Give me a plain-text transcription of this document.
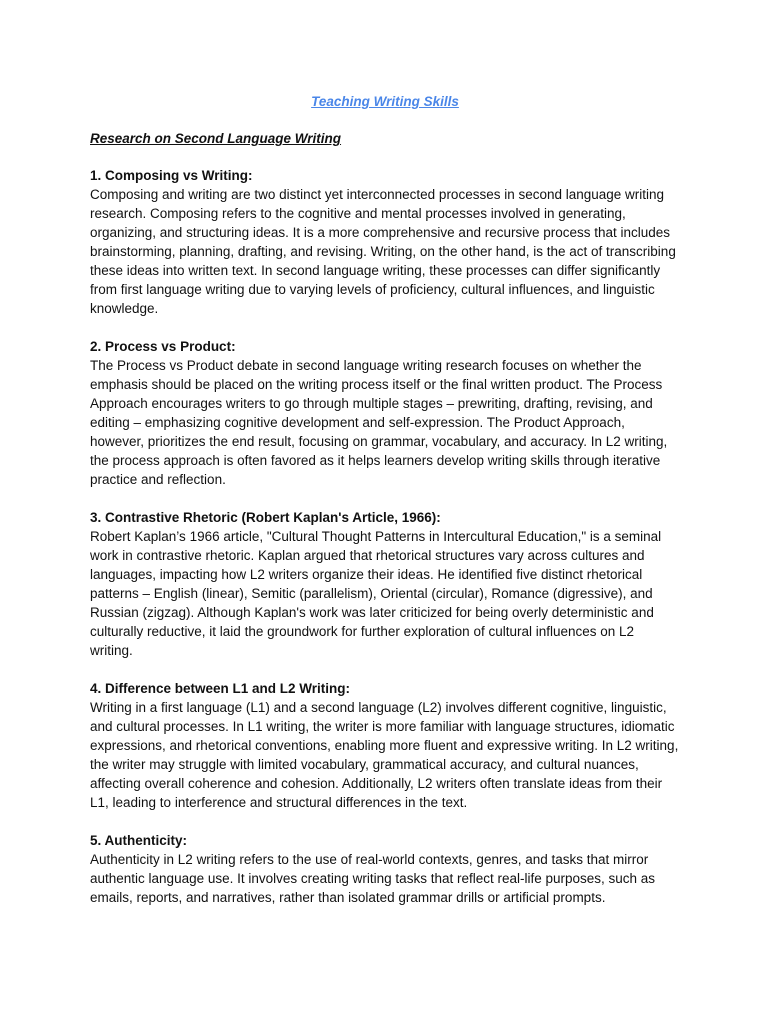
Teaching Writing Skills
Research on Second Language Writing

1. Composing vs Writing:

Composing and writing are two distinct yet interconnected processes in second language writing research. Composing refers to the cognitive and mental processes involved in generating, organizing, and structuring ideas. It is a more comprehensive and recursive process that includes brainstorming, planning, drafting, and revising. Writing, on the other hand, is the act of transcribing these ideas into written text. In second language writing, these processes can differ significantly from first language writing due to varying levels of proficiency, cultural influences, and linguistic knowledge.

2. Process vs Product:

The Process vs Product debate in second language writing research focuses on whether the emphasis should be placed on the writing process itself or the final written product. The Process Approach encourages writers to go through multiple stages – prewriting, drafting, revising, and editing – emphasizing cognitive development and self-expression. The Product Approach, however, prioritizes the end result, focusing on grammar, vocabulary, and accuracy. In L2 writing, the process approach is often favored as it helps learners develop writing skills through iterative practice and reflection.

3. Contrastive Rhetoric (Robert Kaplan's Article, 1966):

Robert Kaplan’s 1966 article, "Cultural Thought Patterns in Intercultural Education," is a seminal work in contrastive rhetoric. Kaplan argued that rhetorical structures vary across cultures and languages, impacting how L2 writers organize their ideas. He identified five distinct rhetorical patterns – English (linear), Semitic (parallelism), Oriental (circular), Romance (digressive), and Russian (zigzag). Although Kaplan's work was later criticized for being overly deterministic and culturally reductive, it laid the groundwork for further exploration of cultural influences on L2 writing.

4. Difference between L1 and L2 Writing:

Writing in a first language (L1) and a second language (L2) involves different cognitive, linguistic, and cultural processes. In L1 writing, the writer is more familiar with language structures, idiomatic expressions, and rhetorical conventions, enabling more fluent and expressive writing. In L2 writing, the writer may struggle with limited vocabulary, grammatical accuracy, and cultural nuances, affecting overall coherence and cohesion. Additionally, L2 writers often translate ideas from their L1, leading to interference and structural differences in the text.

5. Authenticity:

Authenticity in L2 writing refers to the use of real-world contexts, genres, and tasks that mirror authentic language use. It involves creating writing tasks that reflect real-life purposes, such as emails, reports, and narratives, rather than isolated grammar drills or artificial prompts.
